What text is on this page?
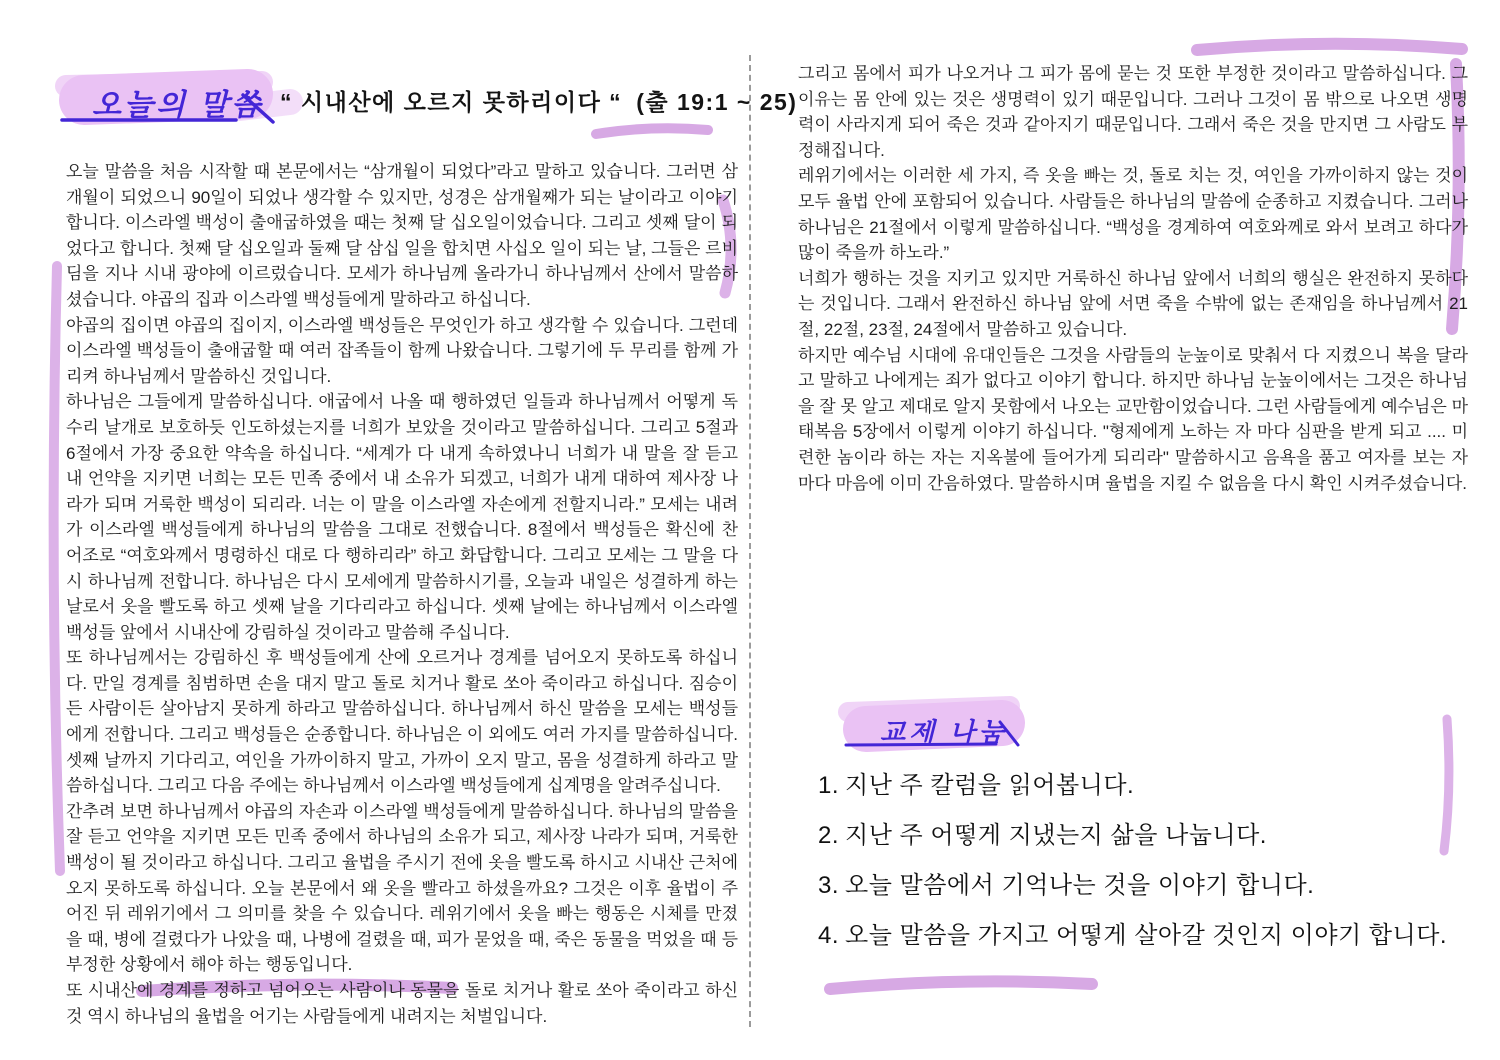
오늘의 말씀 “ 시내산에 오르지 못하리이다 “ (출 19:1 ~ 25)

오늘 말씀을 처음 시작할 때 본문에서는 “삼개월이 되었다”라고 말하고 있습니다. 그러면 삼개월이 되었으니 90일이 되었나 생각할 수 있지만, 성경은 삼개월째가 되는 날이라고 이야기합니다. 이스라엘 백성이 출애굽하였을 때는 첫째 달 십오일이었습니다. 그리고 셋째 달이 되었다고 합니다. 첫째 달 십오일과 둘째 달 삼십 일을 합치면 사십오 일이 되는 날, 그들은 르비딤을 지나 시내 광야에 이르렀습니다. 모세가 하나님께 올라가니 하나님께서 산에서 말씀하셨습니다. 야곱의 집과 이스라엘 백성들에게 말하라고 하십니다.

야곱의 집이면 야곱의 집이지, 이스라엘 백성들은 무엇인가 하고 생각할 수 있습니다. 그런데 이스라엘 백성들이 출애굽할 때 여러 잡족들이 함께 나왔습니다. 그렇기에 두 무리를 함께 가리켜 하나님께서 말씀하신 것입니다.

하나님은 그들에게 말씀하십니다. 애굽에서 나올 때 행하였던 일들과 하나님께서 어떻게 독수리 날개로 보호하듯 인도하셨는지를 너희가 보았을 것이라고 말씀하십니다. 그리고 5절과 6절에서 가장 중요한 약속을 하십니다. “세계가 다 내게 속하였나니 너희가 내 말을 잘 듣고 내 언약을 지키면 너희는 모든 민족 중에서 내 소유가 되겠고, 너희가 내게 대하여 제사장 나라가 되며 거룩한 백성이 되리라. 너는 이 말을 이스라엘 자손에게 전할지니라.” 모세는 내려가 이스라엘 백성들에게 하나님의 말씀을 그대로 전했습니다. 8절에서 백성들은 확신에 찬 어조로 “여호와께서 명령하신 대로 다 행하리라” 하고 화답합니다. 그리고 모세는 그 말을 다시 하나님께 전합니다. 하나님은 다시 모세에게 말씀하시기를, 오늘과 내일은 성결하게 하는 날로서 옷을 빨도록 하고 셋째 날을 기다리라고 하십니다. 셋째 날에는 하나님께서 이스라엘 백성들 앞에서 시내산에 강림하실 것이라고 말씀해 주십니다.

또 하나님께서는 강림하신 후 백성들에게 산에 오르거나 경계를 넘어오지 못하도록 하십니다. 만일 경계를 침범하면 손을 대지 말고 돌로 치거나 활로 쏘아 죽이라고 하십니다. 짐승이든 사람이든 살아남지 못하게 하라고 말씀하십니다. 하나님께서 하신 말씀을 모세는 백성들에게 전합니다. 그리고 백성들은 순종합니다. 하나님은 이 외에도 여러 가지를 말씀하십니다. 셋째 날까지 기다리고, 여인을 가까이하지 말고, 가까이 오지 말고, 몸을 성결하게 하라고 말씀하십니다. 그리고 다음 주에는 하나님께서 이스라엘 백성들에게 십계명을 알려주십니다.

간추려 보면 하나님께서 야곱의 자손과 이스라엘 백성들에게 말씀하십니다. 하나님의 말씀을 잘 듣고 언약을 지키면 모든 민족 중에서 하나님의 소유가 되고, 제사장 나라가 되며, 거룩한 백성이 될 것이라고 하십니다. 그리고 율법을 주시기 전에 옷을 빨도록 하시고 시내산 근처에 오지 못하도록 하십니다. 오늘 본문에서 왜 옷을 빨라고 하셨을까요? 그것은 이후 율법이 주어진 뒤 레위기에서 그 의미를 찾을 수 있습니다. 레위기에서 옷을 빠는 행동은 시체를 만졌을 때, 병에 걸렸다가 나았을 때, 나병에 걸렸을 때, 피가 묻었을 때, 죽은 동물을 먹었을 때 등 부정한 상황에서 해야 하는 행동입니다.

또 시내산에 경계를 정하고 넘어오는 사람이나 동물을 돌로 치거나 활로 쏘아 죽이라고 하신 것 역시 하나님의 율법을 어기는 사람들에게 내려지는 처벌입니다.

그리고 몸에서 피가 나오거나 그 피가 몸에 묻는 것 또한 부정한 것이라고 말씀하십니다. 그 이유는 몸 안에 있는 것은 생명력이 있기 때문입니다. 그러나 그것이 몸 밖으로 나오면 생명력이 사라지게 되어 죽은 것과 같아지기 때문입니다. 그래서 죽은 것을 만지면 그 사람도 부정해집니다.

레위기에서는 이러한 세 가지, 즉 옷을 빠는 것, 돌로 치는 것, 여인을 가까이하지 않는 것이 모두 율법 안에 포함되어 있습니다. 사람들은 하나님의 말씀에 순종하고 지켰습니다. 그러나 하나님은 21절에서 이렇게 말씀하십니다. “백성을 경계하여 여호와께로 와서 보려고 하다가 많이 죽을까 하노라.”

너희가 행하는 것을 지키고 있지만 거룩하신 하나님 앞에서 너희의 행실은 완전하지 못하다는 것입니다. 그래서 완전하신 하나님 앞에 서면 죽을 수밖에 없는 존재임을 하나님께서 21절, 22절, 23절, 24절에서 말씀하고 있습니다.

하지만 예수님 시대에 유대인들은 그것을 사람들의 눈높이로 맞춰서 다 지켰으니 복을 달라고 말하고 나에게는 죄가 없다고 이야기 합니다. 하지만 하나님 눈높이에서는 그것은 하나님을 잘 못 알고 제대로 알지 못함에서 나오는 교만함이었습니다. 그런 사람들에게 예수님은 마태복음 5장에서 이렇게 이야기 하십니다. "형제에게 노하는 자 마다 심판을 받게 되고 .... 미련한 놈이라 하는 자는 지옥불에 들어가게 되리라" 말씀하시고 음욕을 품고 여자를 보는 자마다 마음에 이미 간음하였다. 말씀하시며 율법을 지킬 수 없음을 다시 확인 시켜주셨습니다.

교제 나눔
1. 지난 주 칼럼을 읽어봅니다.
2. 지난 주 어떻게 지냈는지 삶을 나눕니다.
3. 오늘 말씀에서 기억나는 것을 이야기 합니다.
4. 오늘 말씀을 가지고 어떻게 살아갈 것인지 이야기 합니다.
